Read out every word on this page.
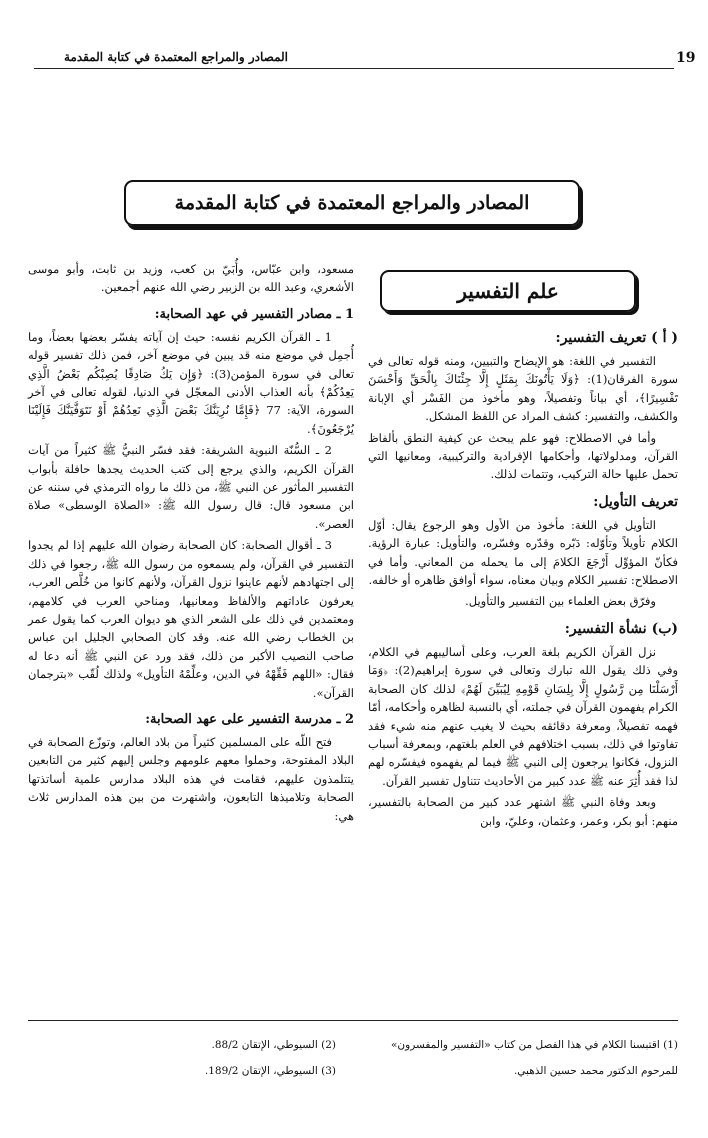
19
المصادر والمراجع المعتمدة في كتابة المقدمة
المصادر والمراجع المعتمدة في كتابة المقدمة
علم التفسير
( أ ) تعريف التفسير:

التفسير في اللغة: هو الإيضاح والتبيين، ومنه قوله تعالى في سورة الفرقان(1): ﴿وَلَا يَأْتُونَكَ بِمَثَلٍ إِلَّا جِئْنَاكَ بِالْحَقِّ وَأَحْسَنَ تَفْسِيرًا﴾، أي بياناً وتفصيلاً، وهو مأخوذ من الفَسْر أي الإبانة والكشف، والتفسير: كشف المراد عن اللفظ المشكل.

وأما في الاصطلاح: فهو علم يبحث عن كيفية النطق بألفاظ القرآن، ومدلولاتها، وأحكامها الإفرادية والتركيبية، ومعانيها التي تحمل عليها حالة التركيب، وتتمات لذلك.

تعريف التأويل:

التأويل في اللغة: مأخوذ من الأول وهو الرجوع يقال: أوّل الكلام تأويلاً وتأوّله: دَبّره وقدّره وفسّره، والتأويل: عبارة الرؤية. فكأنّ المؤوِّل أَرْجَعَ الكلامَ إلى ما يحمله من المعاني. وأما في الاصطلاح: تفسير الكلام وبيان معناه، سواء أوافق ظاهره أو خالفه.

وفرّق بعض العلماء بين التفسير والتأويل.

(ب) نشأة التفسير:

نزل القرآن الكريم بلغة العرب، وعلى أساليبهم في الكلام، وفي ذلك يقول الله تبارك وتعالى في سورة إبراهيم(2): ﴿وَمَا أَرْسَلْنَا مِن رَّسُولٍ إِلَّا بِلِسَانِ قَوْمِهِ لِيُبَيِّنَ لَهُمْ﴾ لذلك كان الصحابة الكرام يفهمون القرآن في جملته، أي بالنسبة لظاهره وأحكامه، أمّا فهمه تفصيلاً، ومعرفة دقائقه بحيث لا يغيب عنهم منه شيء فقد تفاوتوا في ذلك، بسبب اختلافهم في العلم بلغتهم، وبمعرفة أسباب النزول، فكانوا يرجعون إلى النبي ﷺ فيما لم يفهموه فيفسّره لهم لذا فقد أُثِرَ عنه ﷺ عدد كبير من الأحاديث تتناول تفسير القرآن.

وبعد وفاة النبي ﷺ اشتهر عدد كبير من الصحابة بالتفسير، منهم: أبو بكر، وعمر، وعثمان، وعليّ، وابن

مسعود، وابن عبّاس، وأُبَيّ بن كعب، وزيد بن ثابت، وأبو موسى الأشعري، وعبد الله بن الزبير رضي الله عنهم أجمعين.

1 ـ مصادر التفسير في عهد الصحابة:

1 ـ القرآن الكريم نفسه: حيث إن آياته يفسّر بعضها بعضاً، وما أُجمِل في موضع منه قد يبين في موضع آخر، فمن ذلك تفسير قوله تعالى في سورة المؤمن(3): ﴿وَإِن يَكُ صَادِقًا يُصِبْكُم بَعْضُ الَّذِي يَعِدُكُمْ﴾ بأنه العذاب الأدنى المعجّل في الدنيا، لقوله تعالى في آخر السورة، الآية: 77 ﴿فَإِمَّا نُرِيَنَّكَ بَعْضَ الَّذِي نَعِدُهُمْ أَوْ نَتَوَفَّيَنَّكَ فَإِلَيْنَا يُرْجَعُونَ﴾.

2 ـ السُّنّة النبوية الشريفة: فقد فسّر النبيُّ ﷺ كثيراً من آيات القرآن الكريم، والذي يرجع إلى كتب الحديث يجدها حافلة بأبواب التفسير المأثور عن النبي ﷺ، من ذلك ما رواه الترمذي في سننه عن ابن مسعود قال: قال رسول الله ﷺ: «الصلاة الوسطى» صلاة العصر».

3 ـ أقوال الصحابة: كان الصحابة رضوان الله عليهم إذا لم يجدوا التفسير في القرآن، ولم يسمعوه من رسول الله ﷺ، رجعوا في ذلك إلى اجتهادهم لأنهم عاينوا نزول القرآن، ولأنهم كانوا من خُلَّص العرب، يعرفون عاداتهم والألفاظ ومعانيها، ومناحي العرب في كلامهم، ومعتمدين في ذلك على الشعر الذي هو ديوان العرب كما يقول عمر بن الخطاب رضي الله عنه. وقد كان الصحابي الجليل ابن عباس صاحب النصيب الأكبر من ذلك، فقد ورد عن النبي ﷺ أنه دعا له فقال: «اللهم فَقِّهْهُ في الدين، وعلِّمْهُ التأويل» ولذلك لُقّب «بترجمان القرآن».

2 ـ مدرسة التفسير على عهد الصحابة:

فتح اللّه على المسلمين كثيراً من بلاد العالم، وتوزّع الصحابة في البلاد المفتوحة، وحملوا معهم علومهم وجلس إليهم كثير من التابعين يتتلمذون عليهم، فقامت في هذه البلاد مدارس علمية أساتذتها الصحابة وتلاميذها التابعون، واشتهرت من بين هذه المدارس ثلاث هي:

(1) اقتبسنا الكلام في هذا الفصل من كتاب «التفسير والمفسرون»
للمرحوم الدكتور محمد حسين الذهبي.
(2) السيوطي، الإتقان 88/2.
(3) السيوطي، الإتقان 189/2.
